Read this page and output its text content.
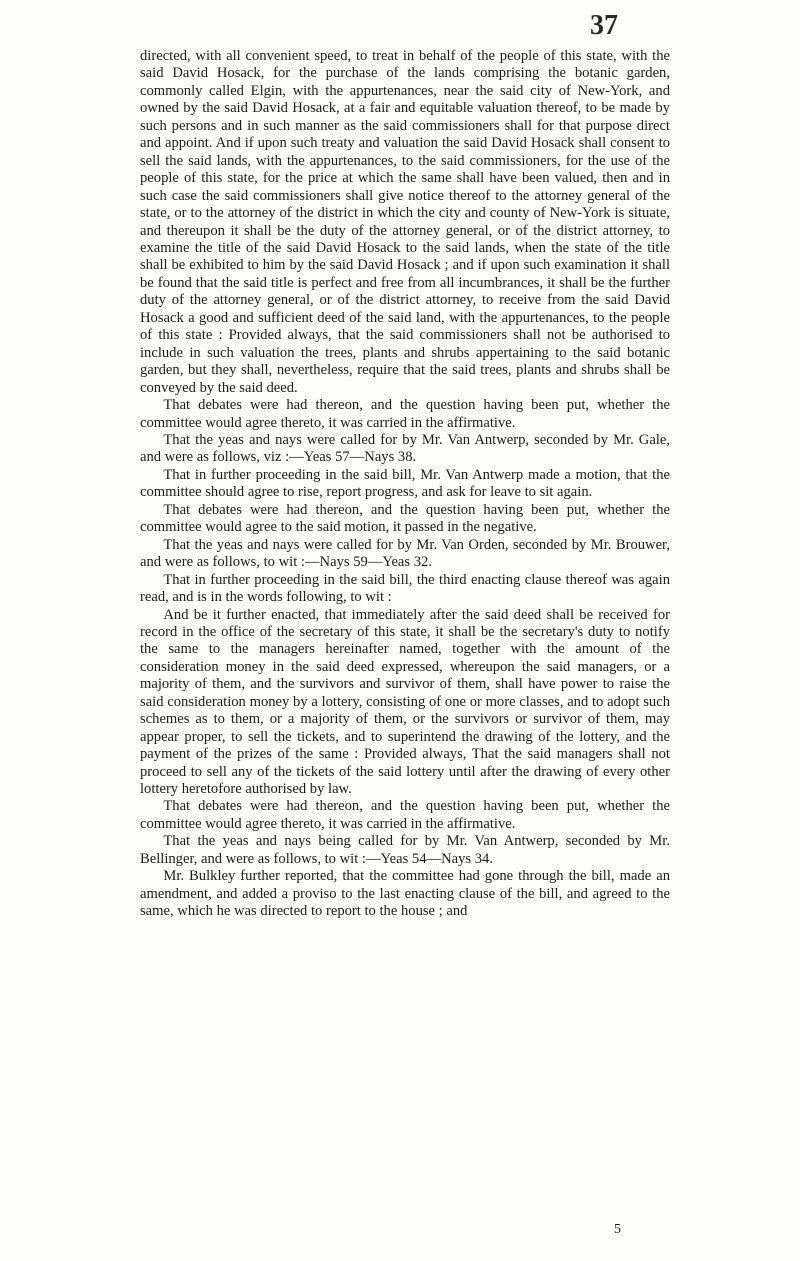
37

directed, with all convenient speed, to treat in behalf of the people of this state, with the said David Hosack, for the purchase of the lands comprising the botanic garden, commonly called Elgin, with the appurtenances, near the said city of New-York, and owned by the said David Hosack, at a fair and equitable valuation thereof, to be made by such persons and in such manner as the said commissioners shall for that purpose direct and appoint. And if upon such treaty and valuation the said David Hosack shall consent to sell the said lands, with the appurtenances, to the said commissioners, for the use of the people of this state, for the price at which the same shall have been valued, then and in such case the said commissioners shall give notice thereof to the attorney general of the state, or to the attorney of the district in which the city and county of New-York is situate, and thereupon it shall be the duty of the attorney general, or of the district attorney, to examine the title of the said David Hosack to the said lands, when the state of the title shall be exhibited to him by the said David Hosack ; and if upon such examination it shall be found that the said title is perfect and free from all incumbrances, it shall be the further duty of the attorney general, or of the district attorney, to receive from the said David Hosack a good and sufficient deed of the said land, with the appurtenances, to the people of this state : Provided always, that the said commissioners shall not be authorised to include in such valuation the trees, plants and shrubs appertaining to the said botanic garden, but they shall, nevertheless, require that the said trees, plants and shrubs shall be conveyed by the said deed.

That debates were had thereon, and the question having been put, whether the committee would agree thereto, it was carried in the affirmative.

That the yeas and nays were called for by Mr. Van Antwerp, seconded by Mr. Gale, and were as follows, viz :—Yeas 57—Nays 38.

That in further proceeding in the said bill, Mr. Van Antwerp made a motion, that the committee should agree to rise, report progress, and ask for leave to sit again.

That debates were had thereon, and the question having been put, whether the committee would agree to the said motion, it passed in the negative.

That the yeas and nays were called for by Mr. Van Orden, seconded by Mr. Brouwer, and were as follows, to wit :—Nays 59—Yeas 32.

That in further proceeding in the said bill, the third enacting clause thereof was again read, and is in the words following, to wit :

And be it further enacted, that immediately after the said deed shall be received for record in the office of the secretary of this state, it shall be the secretary's duty to notify the same to the managers hereinafter named, together with the amount of the consideration money in the said deed expressed, whereupon the said managers, or a majority of them, and the survivors and survivor of them, shall have power to raise the said consideration money by a lottery, consisting of one or more classes, and to adopt such schemes as to them, or a majority of them, or the survivors or survivor of them, may appear proper, to sell the tickets, and to superintend the drawing of the lottery, and the payment of the prizes of the same : Provided always, That the said managers shall not proceed to sell any of the tickets of the said lottery until after the drawing of every other lottery heretofore authorised by law.

That debates were had thereon, and the question having been put, whether the committee would agree thereto, it was carried in the affirmative.

That the yeas and nays being called for by Mr. Van Antwerp, seconded by Mr. Bellinger, and were as follows, to wit :—Yeas 54—Nays 34.

Mr. Bulkley further reported, that the committee had gone through the bill, made an amendment, and added a proviso to the last enacting clause of the bill, and agreed to the same, which he was directed to report to the house ; and

5
